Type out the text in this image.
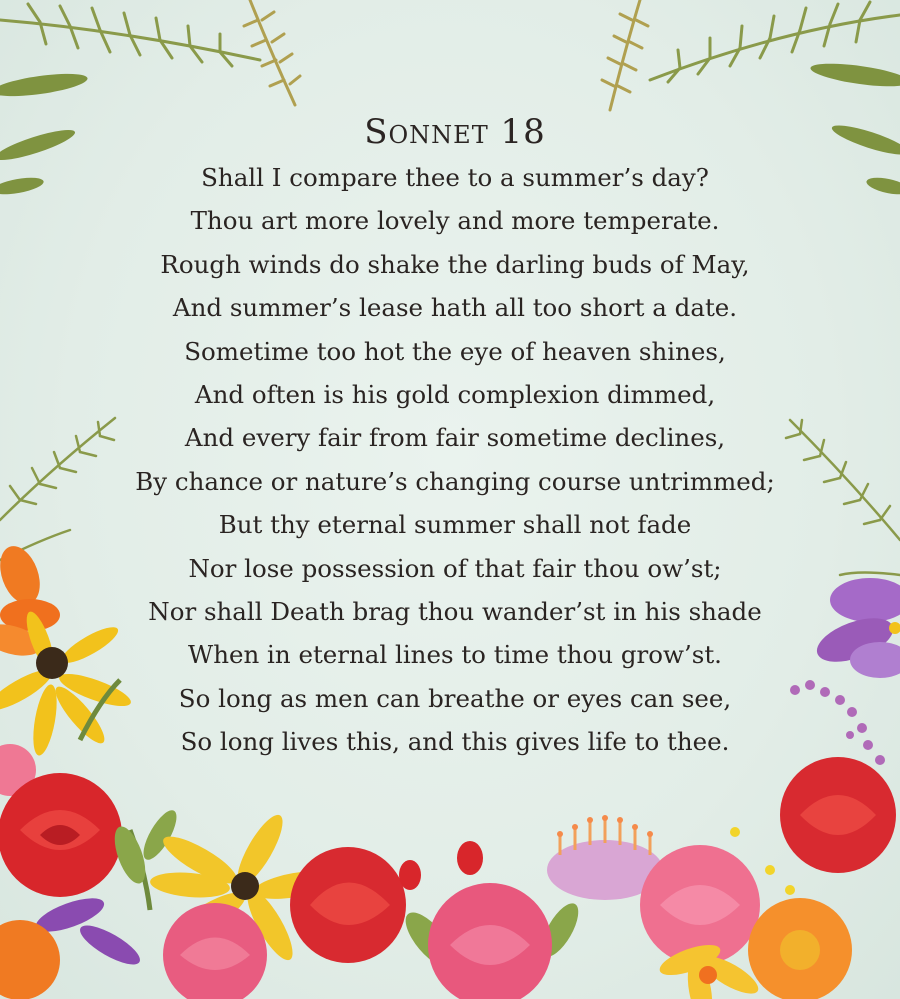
Sonnet 18
Shall I compare thee to a summer’s day?
Thou art more lovely and more temperate.
Rough winds do shake the darling buds of May,
And summer’s lease hath all too short a date.
Sometime too hot the eye of heaven shines,
And often is his gold complexion dimmed,
And every fair from fair sometime declines,
By chance or nature’s changing course untrimmed;
But thy eternal summer shall not fade
Nor lose possession of that fair thou ow’st;
Nor shall Death brag thou wander’st in his shade
When in eternal lines to time thou grow’st.
So long as men can breathe or eyes can see,
So long lives this, and this gives life to thee.
